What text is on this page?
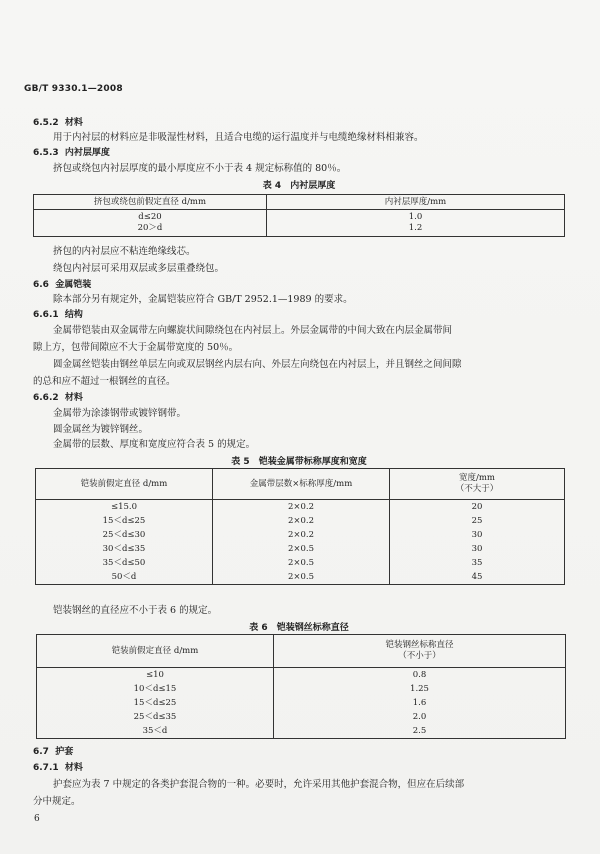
GB/T 9330.1—2008
6.5.2 材料
用于内衬层的材料应是非吸湿性材料，且适合电缆的运行温度并与电缆绝缘材料相兼容。
6.5.3 内衬层厚度
挤包或绕包内衬层厚度的最小厚度应不小于表 4 规定标称值的 80％。
表 4　内衬层厚度
挤包或绕包前假定直径 d/mm	内衬层厚度/mm
d≤20	1.0
20＞d	1.2
挤包的内衬层应不粘连绝缘线芯。
绕包内衬层可采用双层或多层重叠绕包。
6.6 金属铠装
除本部分另有规定外，金属铠装应符合 GB/T 2952.1—1989 的要求。
6.6.1 结构
金属带铠装由双金属带左向螺旋状间隙绕包在内衬层上。外层金属带的中间大致在内层金属带间
隙上方，包带间隙应不大于金属带宽度的 50％。
圆金属丝铠装由钢丝单层左向或双层钢丝内层右向、外层左向绕包在内衬层上，并且钢丝之间间隙
的总和应不超过一根钢丝的直径。
6.6.2 材料
金属带为涂漆钢带或镀锌钢带。
圆金属丝为镀锌钢丝。
金属带的层数、厚度和宽度应符合表 5 的规定。
表 5　铠装金属带标称厚度和宽度
铠装前假定直径 d/mm	金属带层数×标称厚度/mm	宽度/mm
（不大于）

≤15.0	2×0.2	20
15＜d≤25	2×0.2	25
25＜d≤30	2×0.2	30
30＜d≤35	2×0.5	30
35＜d≤50	2×0.5	35
50＜d	2×0.5	45
铠装钢丝的直径应不小于表 6 的规定。
表 6　铠装钢丝标称直径
铠装前假定直径 d/mm	铠装钢丝标称直径
（不小于）

≤10	0.8
10＜d≤15	1.25
15＜d≤25	1.6
25＜d≤35	2.0
35＜d	2.5
6.7 护套
6.7.1 材料
护套应为表 7 中规定的各类护套混合物的一种。必要时，允许采用其他护套混合物，但应在后续部
分中规定。
6
